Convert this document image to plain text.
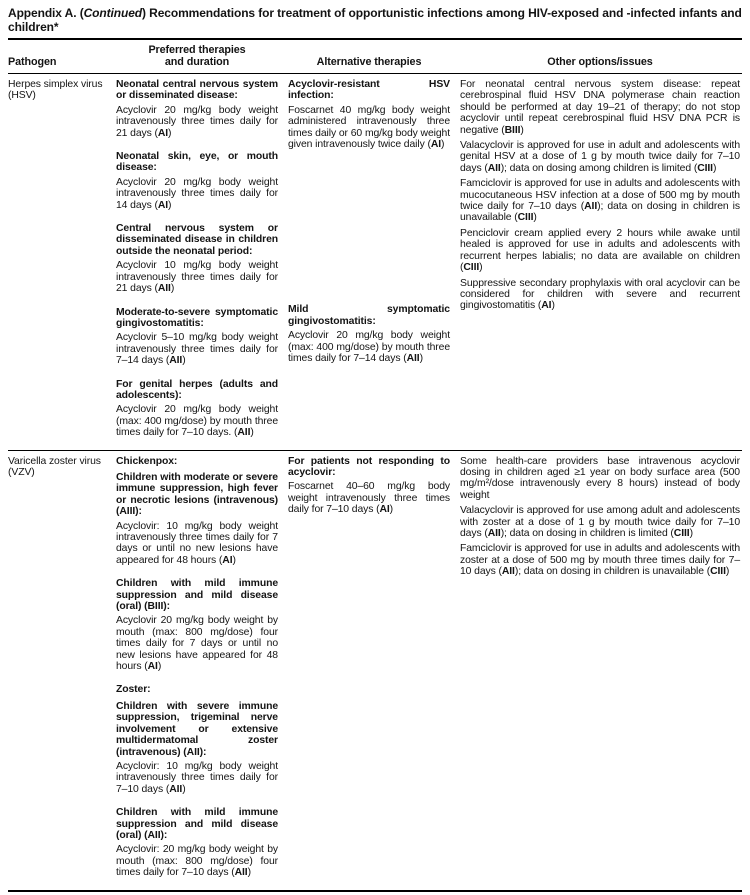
Appendix A. (Continued) Recommendations for treatment of opportunistic infections among HIV-exposed and -infected infants and children*
Pathogen
Preferred therapies
and duration	Alternative therapies	Other options/issues
Herpes simplex virus (HSV)
Neonatal central nervous system or disseminated disease:
Acyclovir 20 mg/kg body weight intravenously three times daily for 21 days (AI)
Neonatal skin, eye, or mouth disease:
Acyclovir 20 mg/kg body weight intravenously three times daily for 14 days (AI)
Central nervous system or disseminated disease in children outside the neonatal period:
Acyclovir 10 mg/kg body weight intravenously three times daily for 21 days (AII)
Moderate-to-severe symptomatic gingivostomatitis:
Acyclovir 5–10 mg/kg body weight intravenously three times daily for 7–14 days (AII)
For genital herpes (adults and adolescents):
Acyclovir 20 mg/kg body weight (max: 400 mg/dose) by mouth three times daily for 7–10 days. (AII)
Acyclovir-resistant HSV infection:
Foscarnet 40 mg/kg body weight administered intravenously three times daily or 60 mg/kg body weight given intravenously twice daily (AI)
Mild symptomatic gingivostomatitis:
Acyclovir 20 mg/kg body weight (max: 400 mg/dose) by mouth three times daily for 7–14 days (AII)
For neonatal central nervous system disease: repeat cerebrospinal fluid HSV DNA polymerase chain reaction should be performed at day 19–21 of therapy; do not stop acyclovir until repeat cerebrospinal fluid HSV DNA PCR is negative (BIII)
Valacyclovir is approved for use in adult and adolescents with genital HSV at a dose of 1 g by mouth twice daily for 7–10 days (AII); data on dosing among children is limited (CIII)
Famciclovir is approved for use in adults and adolescents with mucocutaneous HSV infection at a dose of 500 mg by mouth twice daily for 7–10 days (AII); data on dosing in children is unavailable (CIII)
Penciclovir cream applied every 2 hours while awake until healed is approved for use in adults and adolescents with recurrent herpes labialis; no data are available on children (CIII)
Suppressive secondary prophylaxis with oral acyclovir can be considered for children with severe and recurrent gingivostomatitis (AI)
Varicella zoster virus (VZV)
Chickenpox:
Children with moderate or severe immune suppression, high fever or necrotic lesions (intravenous) (AIII):
Acyclovir: 10 mg/kg body weight intravenously three times daily for 7 days or until no new lesions have appeared for 48 hours (AI)
Children with mild immune suppression and mild disease (oral) (BIII):
Acyclovir 20 mg/kg body weight by mouth (max: 800 mg/dose) four times daily for 7 days or until no new lesions have appeared for 48 hours (AI)
Zoster:
Children with severe immune suppression, trigeminal nerve involvement or extensive multidermatomal zoster (intravenous) (AII):
Acyclovir: 10 mg/kg body weight intravenously three times daily for 7–10 days (AII)
Children with mild immune suppression and mild disease (oral) (AII):
Acyclovir: 20 mg/kg body weight by mouth (max: 800 mg/dose) four times daily for 7–10 days (AII)
For patients not responding to acyclovir:
Foscarnet 40–60 mg/kg body weight intravenously three times daily for 7–10 days (AI)
Some health-care providers base intravenous acyclovir dosing in children aged ≥1 year on body surface area (500 mg/m²/dose intravenously every 8 hours) instead of body weight
Valacyclovir is approved for use among adult and adolescents with zoster at a dose of 1 g by mouth twice daily for 7–10 days (AII); data on dosing in children is limited (CIII)
Famciclovir is approved for use in adults and adolescents with zoster at a dose of 500 mg by mouth three times daily for 7–10 days (AII); data on dosing in children is unavailable (CIII)
